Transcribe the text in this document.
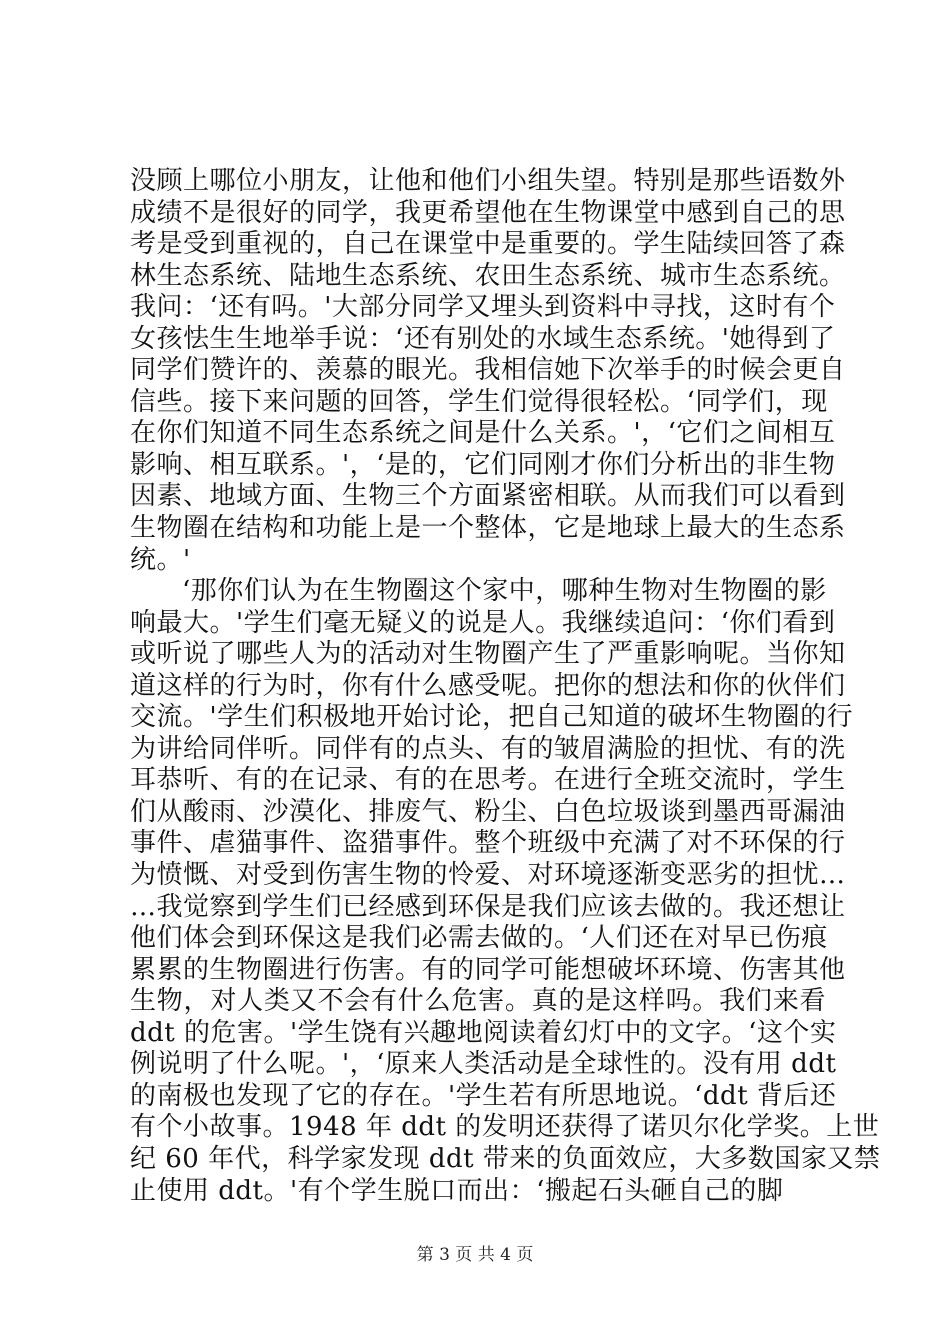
没顾上哪位小朋友，让他和他们小组失望。特别是那些语数外
成绩不是很好的同学，我更希望他在生物课堂中感到自己的思
考是受到重视的，自己在课堂中是重要的。学生陆续回答了森
林生态系统、陆地生态系统、农田生态系统、城市生态系统。
我问：‘还有吗。'大部分同学又埋头到资料中寻找，这时有个
女孩怯生生地举手说：‘还有别处的水域生态系统。'她得到了
同学们赞许的、羡慕的眼光。我相信她下次举手的时候会更自
信些。接下来问题的回答，学生们觉得很轻松。‘同学们，现
在你们知道不同生态系统之间是什么关系。'，‘它们之间相互
影响、相互联系。'，‘是的，它们同刚才你们分析出的非生物
因素、地域方面、生物三个方面紧密相联。从而我们可以看到
生物圈在结构和功能上是一个整体，它是地球上最大的生态系
统。'
‘那你们认为在生物圈这个家中，哪种生物对生物圈的影
响最大。'学生们毫无疑义的说是人。我继续追问：‘你们看到
或听说了哪些人为的活动对生物圈产生了严重影响呢。当你知
道这样的行为时，你有什么感受呢。把你的想法和你的伙伴们
交流。'学生们积极地开始讨论，把自己知道的破坏生物圈的行
为讲给同伴听。同伴有的点头、有的皱眉满脸的担忧、有的洗
耳恭听、有的在记录、有的在思考。在进行全班交流时，学生
们从酸雨、沙漠化、排废气、粉尘、白色垃圾谈到墨西哥漏油
事件、虐猫事件、盗猎事件。整个班级中充满了对不环保的行
为愤慨、对受到伤害生物的怜爱、对环境逐渐变恶劣的担忧…
…我觉察到学生们已经感到环保是我们应该去做的。我还想让
他们体会到环保这是我们必需去做的。‘人们还在对早已伤痕
累累的生物圈进行伤害。有的同学可能想破坏环境、伤害其他
生物，对人类又不会有什么危害。真的是这样吗。我们来看
ddt 的危害。'学生饶有兴趣地阅读着幻灯中的文字。‘这个实
例说明了什么呢。'，‘原来人类活动是全球性的。没有用 ddt
的南极也发现了它的存在。'学生若有所思地说。‘ddt 背后还
有个小故事。1948 年 ddt 的发明还获得了诺贝尔化学奖。上世
纪 60 年代，科学家发现 ddt 带来的负面效应，大多数国家又禁
止使用 ddt。'有个学生脱口而出：‘搬起石头砸自己的脚
第 3 页 共 4 页
